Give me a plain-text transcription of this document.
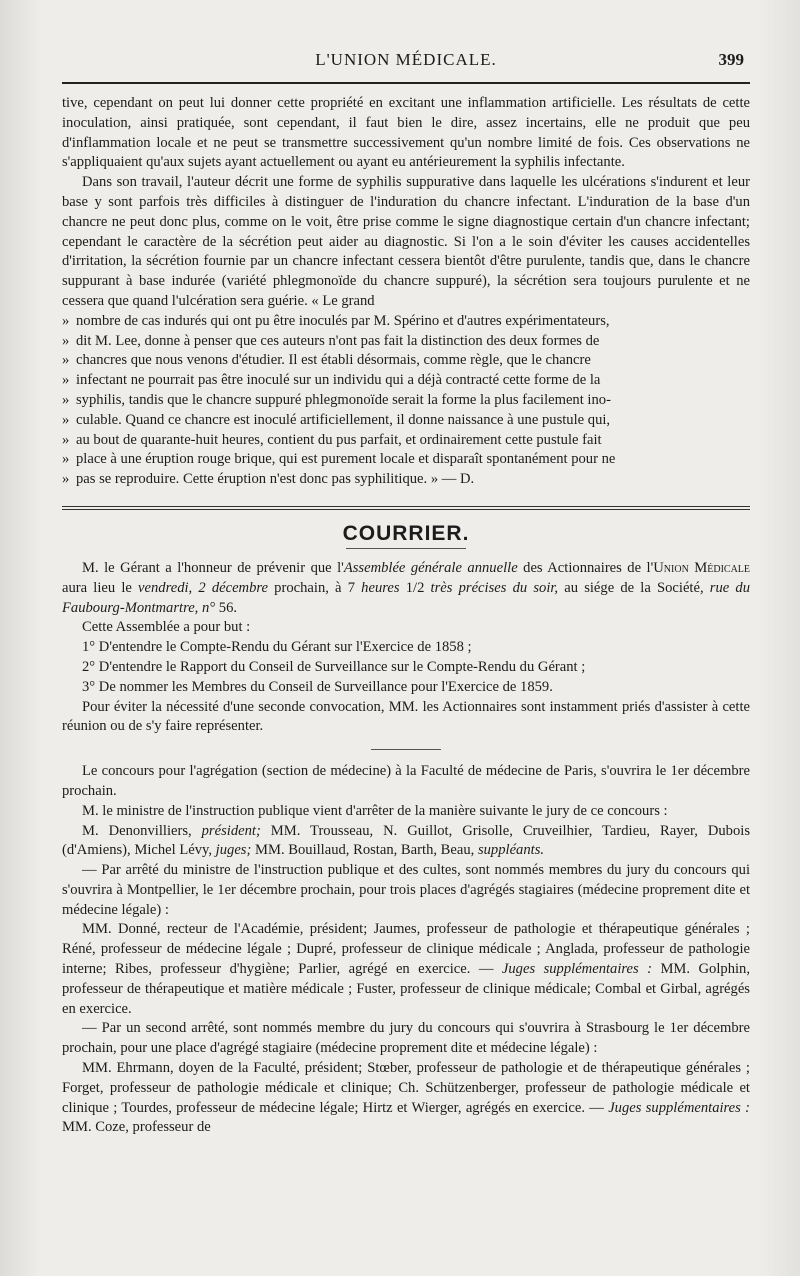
L'UNION MÉDICALE.	399

tive, cependant on peut lui donner cette propriété en excitant une inflammation artificielle. Les résultats de cette inoculation, ainsi pratiquée, sont cependant, il faut bien le dire, assez incertains, elle ne produit que peu d'inflammation locale et ne peut se transmettre successivement qu'un nombre limité de fois. Ces observations ne s'appliquaient qu'aux sujets ayant actuellement ou ayant eu antérieurement la syphilis infectante.

Dans son travail, l'auteur décrit une forme de syphilis suppurative dans laquelle les ulcérations s'indurent et leur base y sont parfois très difficiles à distinguer de l'induration du chancre infectant. L'induration de la base d'un chancre ne peut donc plus, comme on le voit, être prise comme le signe diagnostique certain d'un chancre infectant; cependant le caractère de la sécrétion peut aider au diagnostic. Si l'on a le soin d'éviter les causes accidentelles d'irritation, la sécrétion fournie par un chancre infectant cessera bientôt d'être purulente, tandis que, dans le chancre suppurant à base indurée (variété phlegmonoïde du chancre suppuré), la sécrétion sera toujours purulente et ne cessera que quand l'ulcération sera guérie. « Le grand

» nombre de cas indurés qui ont pu être inoculés par M. Spérino et d'autres expérimentateurs,

» dit M. Lee, donne à penser que ces auteurs n'ont pas fait la distinction des deux formes de

» chancres que nous venons d'étudier. Il est établi désormais, comme règle, que le chancre

» infectant ne pourrait pas être inoculé sur un individu qui a déjà contracté cette forme de la

» syphilis, tandis que le chancre suppuré phlegmonoïde serait la forme la plus facilement ino-

» culable. Quand ce chancre est inoculé artificiellement, il donne naissance à une pustule qui,

» au bout de quarante-huit heures, contient du pus parfait, et ordinairement cette pustule fait

» place à une éruption rouge brique, qui est purement locale et disparaît spontanément pour ne

» pas se reproduire. Cette éruption n'est donc pas syphilitique. » — D.

COURRIER.

M. le Gérant a l'honneur de prévenir que l'Assemblée générale annuelle des Actionnaires de l'Union Médicale aura lieu le vendredi, 2 décembre prochain, à 7 heures 1/2 très précises du soir, au siége de la Société, rue du Faubourg-Montmartre, n° 56.

Cette Assemblée a pour but :

1° D'entendre le Compte-Rendu du Gérant sur l'Exercice de 1858 ;

2° D'entendre le Rapport du Conseil de Surveillance sur le Compte-Rendu du Gérant ;

3° De nommer les Membres du Conseil de Surveillance pour l'Exercice de 1859.

Pour éviter la nécessité d'une seconde convocation, MM. les Actionnaires sont instamment priés d'assister à cette réunion ou de s'y faire représenter.

Le concours pour l'agrégation (section de médecine) à la Faculté de médecine de Paris, s'ouvrira le 1er décembre prochain.

M. le ministre de l'instruction publique vient d'arrêter de la manière suivante le jury de ce concours :

M. Denonvilliers, président; MM. Trousseau, N. Guillot, Grisolle, Cruveilhier, Tardieu, Rayer, Dubois (d'Amiens), Michel Lévy, juges; MM. Bouillaud, Rostan, Barth, Beau, suppléants.

— Par arrêté du ministre de l'instruction publique et des cultes, sont nommés membres du jury du concours qui s'ouvrira à Montpellier, le 1er décembre prochain, pour trois places d'agrégés stagiaires (médecine proprement dite et médecine légale) :

MM. Donné, recteur de l'Académie, président; Jaumes, professeur de pathologie et thérapeutique générales ; Réné, professeur de médecine légale ; Dupré, professeur de clinique médicale ; Anglada, professeur de pathologie interne; Ribes, professeur d'hygiène; Parlier, agrégé en exercice. — Juges supplémentaires : MM. Golphin, professeur de thérapeutique et matière médicale ; Fuster, professeur de clinique médicale; Combal et Girbal, agrégés en exercice.

— Par un second arrêté, sont nommés membre du jury du concours qui s'ouvrira à Strasbourg le 1er décembre prochain, pour une place d'agrégé stagiaire (médecine proprement dite et médecine légale) :

MM. Ehrmann, doyen de la Faculté, président; Stœber, professeur de pathologie et de thérapeutique générales ; Forget, professeur de pathologie médicale et clinique; Ch. Schützenberger, professeur de pathologie médicale et clinique ; Tourdes, professeur de médecine légale; Hirtz et Wierger, agrégés en exercice. — Juges supplémentaires : MM. Coze, professeur de
